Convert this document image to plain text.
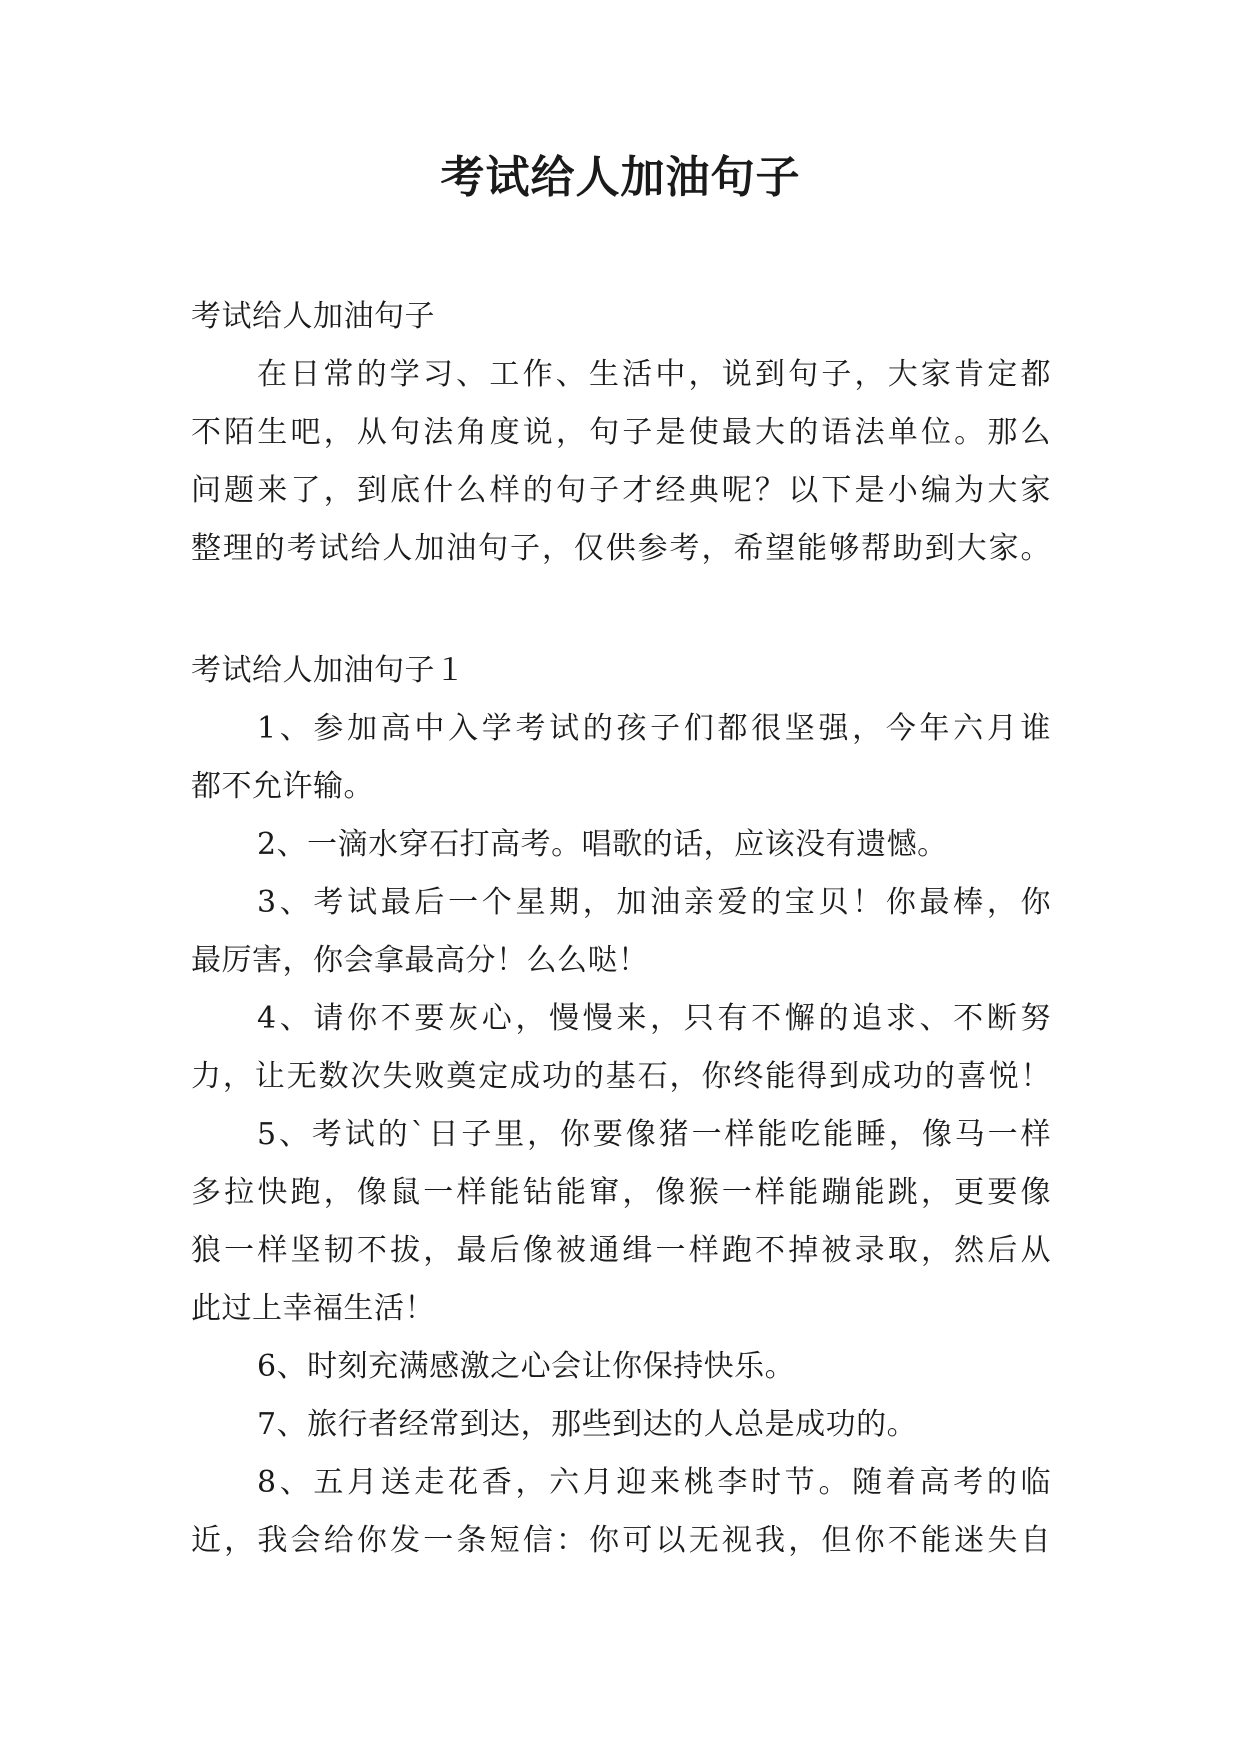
考试给人加油句子
考试给人加油句子
在日常的学习、工作、生活中，说到句子，大家肯定都
不陌生吧，从句法角度说，句子是使最大的语法单位。那么
问题来了，到底什么样的句子才经典呢？以下是小编为大家
整理的考试给人加油句子，仅供参考，希望能够帮助到大家。
考试给人加油句子１
1、参加高中入学考试的孩子们都很坚强，今年六月谁
都不允许输。
2、一滴水穿石打高考。唱歌的话，应该没有遗憾。
3、考试最后一个星期，加油亲爱的宝贝！你最棒，你
最厉害，你会拿最高分！么么哒！
4、请你不要灰心，慢慢来，只有不懈的追求、不断努
力，让无数次失败奠定成功的基石，你终能得到成功的喜悦！
5、考试的`日子里，你要像猪一样能吃能睡，像马一样
多拉快跑，像鼠一样能钻能窜，像猴一样能蹦能跳，更要像
狼一样坚韧不拔，最后像被通缉一样跑不掉被录取，然后从
此过上幸福生活！
6、时刻充满感激之心会让你保持快乐。
7、旅行者经常到达，那些到达的人总是成功的。
8、五月送走花香，六月迎来桃李时节。随着高考的临
近，我会给你发一条短信：你可以无视我，但你不能迷失自
